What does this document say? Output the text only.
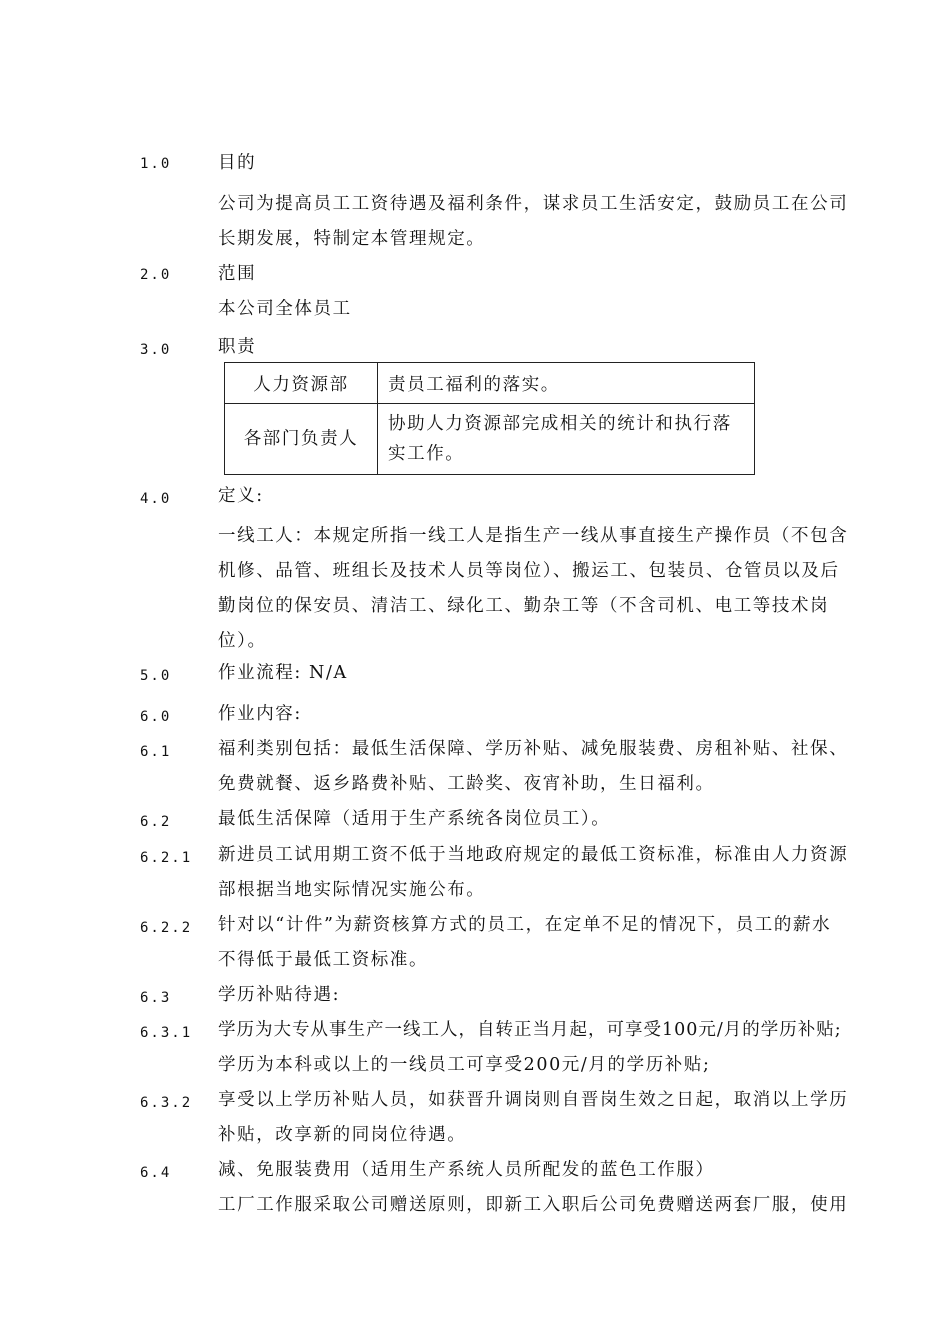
1.0	目的
公司为提高员工工资待遇及福利条件，谋求员工生活安定，鼓励员工在公司
长期发展，特制定本管理规定。
2.0	范围
本公司全体员工
3.0	职责
人力资源部	责员工福利的落实。

各部门负责人	协助人力资源部完成相关的统计和执行落
实工作。
4.0	定义:
一线工人：本规定所指一线工人是指生产一线从事直接生产操作员（不包含
机修、品管、班组长及技术人员等岗位）、搬运工、包装员、仓管员以及后
勤岗位的保安员、清洁工、绿化工、勤杂工等（不含司机、电工等技术岗
位）。
5.0	作业流程: N/A
6.0	作业内容:
6.1	福利类别包括：最低生活保障、学历补贴、减免服装费、房租补贴、社保、
免费就餐、返乡路费补贴、工龄奖、夜宵补助，生日福利。
6.2	最低生活保障（适用于生产系统各岗位员工）。
6.2.1	新进员工试用期工资不低于当地政府规定的最低工资标准，标准由人力资源
部根据当地实际情况实施公布。
6.2.2	针对以“计件”为薪资核算方式的员工，在定单不足的情况下，员工的薪水
不得低于最低工资标准。
6.3	学历补贴待遇:
6.3.1	学历为大专从事生产一线工人，自转正当月起，可享受100元/月的学历补贴;
学历为本科或以上的一线员工可享受200元/月的学历补贴;
6.3.2	享受以上学历补贴人员，如获晋升调岗则自晋岗生效之日起，取消以上学历
补贴，改享新的同岗位待遇。
6.4	减、免服装费用（适用生产系统人员所配发的蓝色工作服）
工厂工作服采取公司赠送原则，即新工入职后公司免费赠送两套厂服，使用
